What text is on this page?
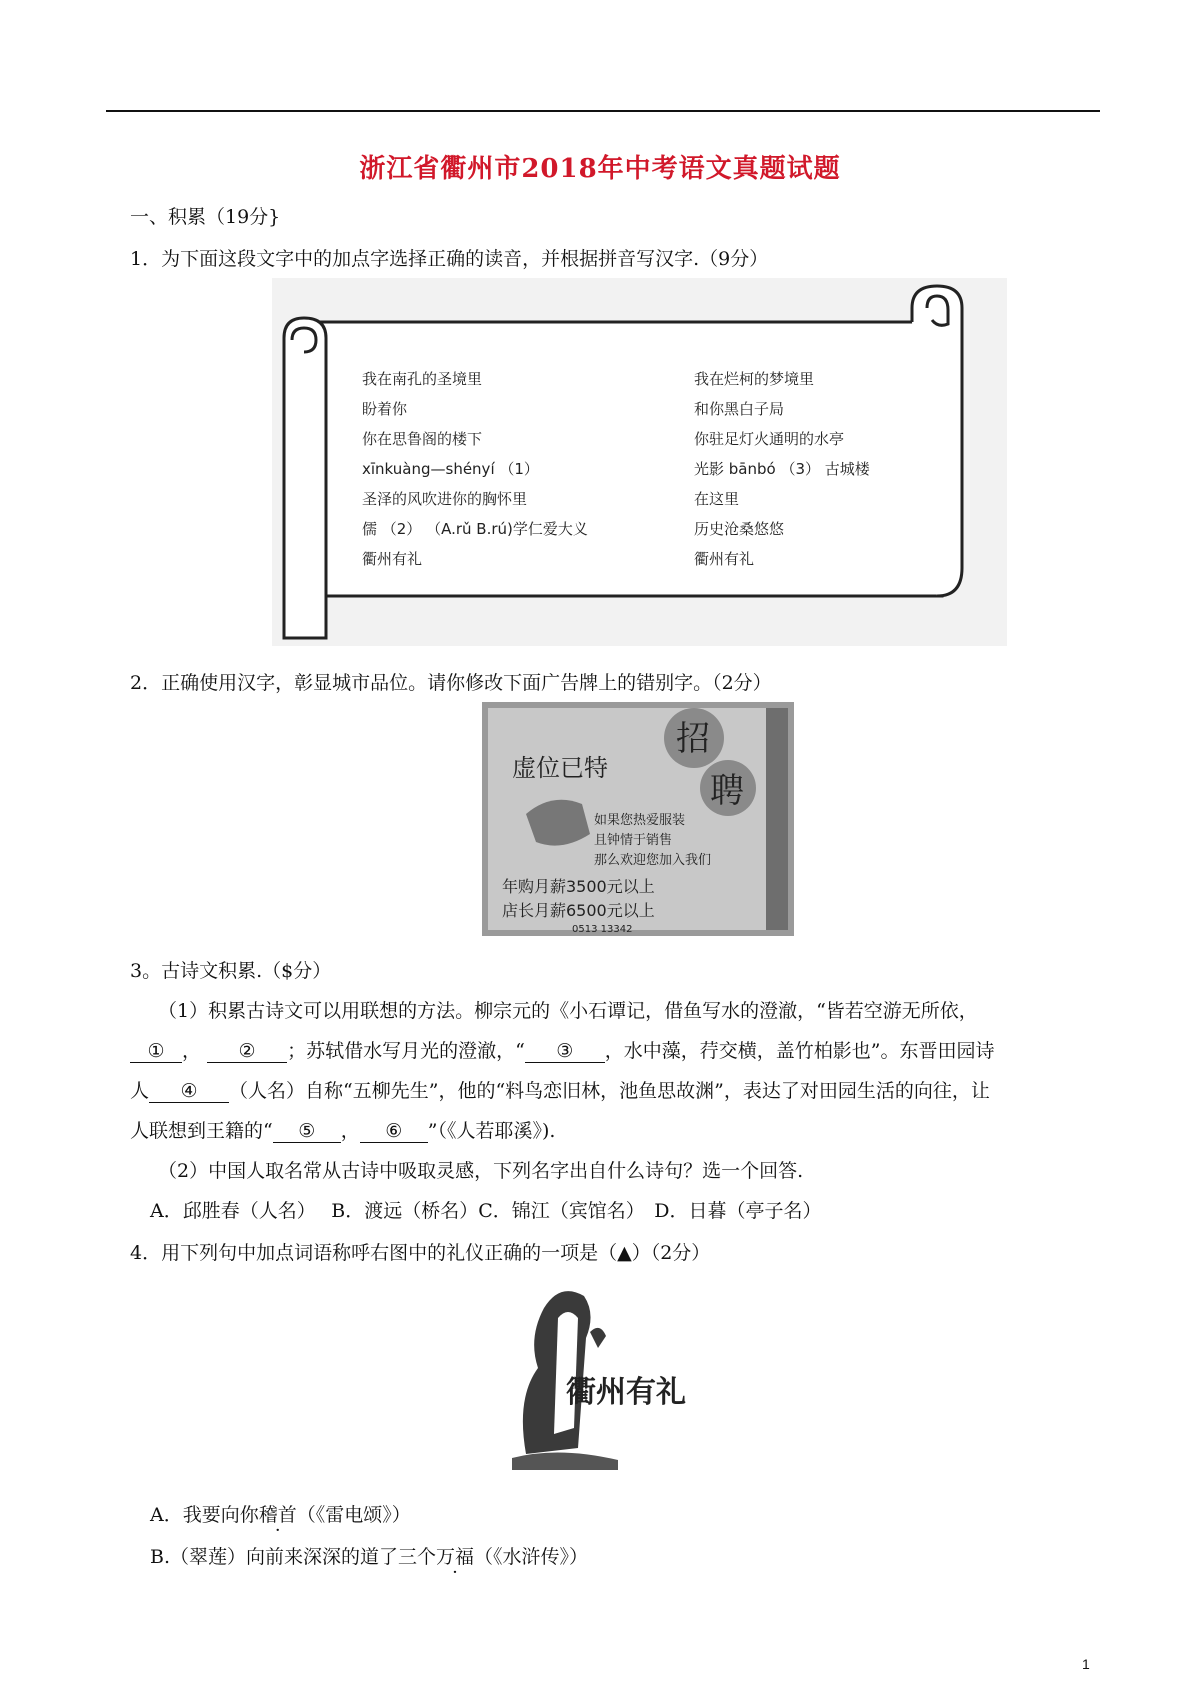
浙江省衢州市2018年中考语文真题试题
一、积累（19分}
1．为下面这段文字中的加点字选择正确的读音，并根据拼音写汉字.（9分）
我在南孔的圣境里
盼着你
你在思鲁阁的楼下
xīnkuàng—shényí （1）
圣泽的风吹进你的胸怀里
儒 （2） （A.rǔ B.rú)学仁爱大义
衢州有礼
我在烂柯的梦境里
和你黑白子局
你驻足灯火通明的水亭
光影 bānbó （3） 古城楼
在这里
历史沧桑悠悠
衢州有礼
2．正确使用汉字，彰显城市品位。请你修改下面广告牌上的错别字。（2分）
虚位已特
招
聘
如果您热爱服装
且钟情于销售
那么欢迎您加入我们
年购月薪3500元以上
店长月薪6500元以上
0513 13342
3。古诗文积累.（$分）
（1）积累古诗文可以用联想的方法。柳宗元的《小石谭记，借鱼写水的澄澈，“皆若空游无所依，
① ， ② ；苏轼借水写月光的澄澈，“ ③ ，水中藻，荇交横，盖竹柏影也”。东晋田园诗
人 ④ （人名）自称“五柳先生”，他的“料鸟恋旧林，池鱼思故渊”，表达了对田园生活的向往，让
人联想到王籍的“ ⑤ ， ⑥ ”（《人若耶溪》).
（2）中国人取名常从古诗中吸取灵感，下列名字出自什么诗句？选一个回答.
A．邱胜春（人名）　 B．渡远（桥名）C．锦江（宾馆名）　D．日暮（亭子名）
4．用下列句中加点词语称呼右图中的礼仪正确的一项是（▲）（2分）
衢州有礼
A．我要向你稽首（《雷电颂》）
B.（翠莲）向前来深深的道了三个万福（《水浒传》）
1
